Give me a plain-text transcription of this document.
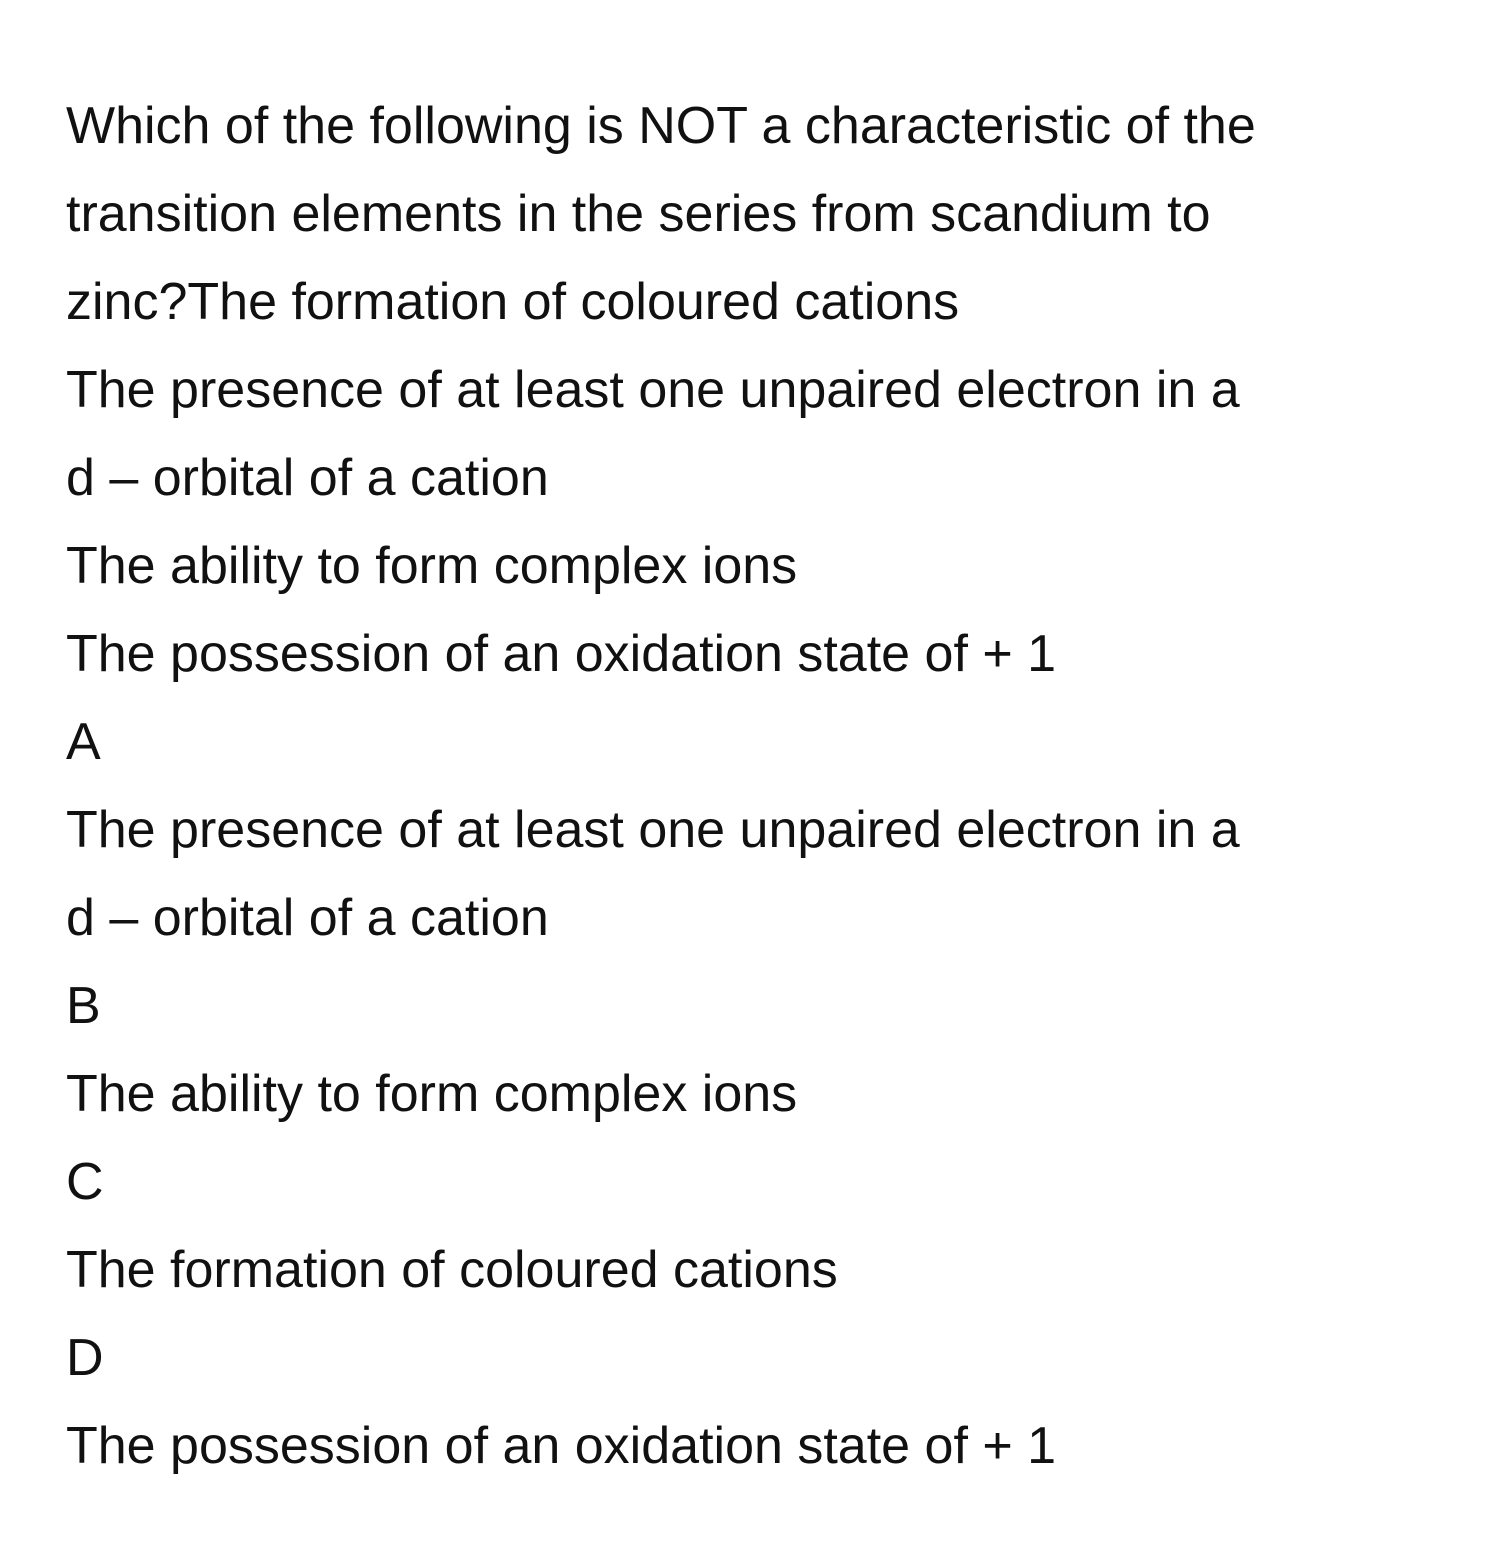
Which of the following is NOT a characteristic of the
transition elements in the series from scandium to
zinc?The formation of coloured cations
The presence of at least one unpaired electron in a
d – orbital of a cation
The ability to form complex ions
The possession of an oxidation state of + 1
A
The presence of at least one unpaired electron in a
d – orbital of a cation
B
The ability to form complex ions
C
The formation of coloured cations
D
The possession of an oxidation state of + 1
